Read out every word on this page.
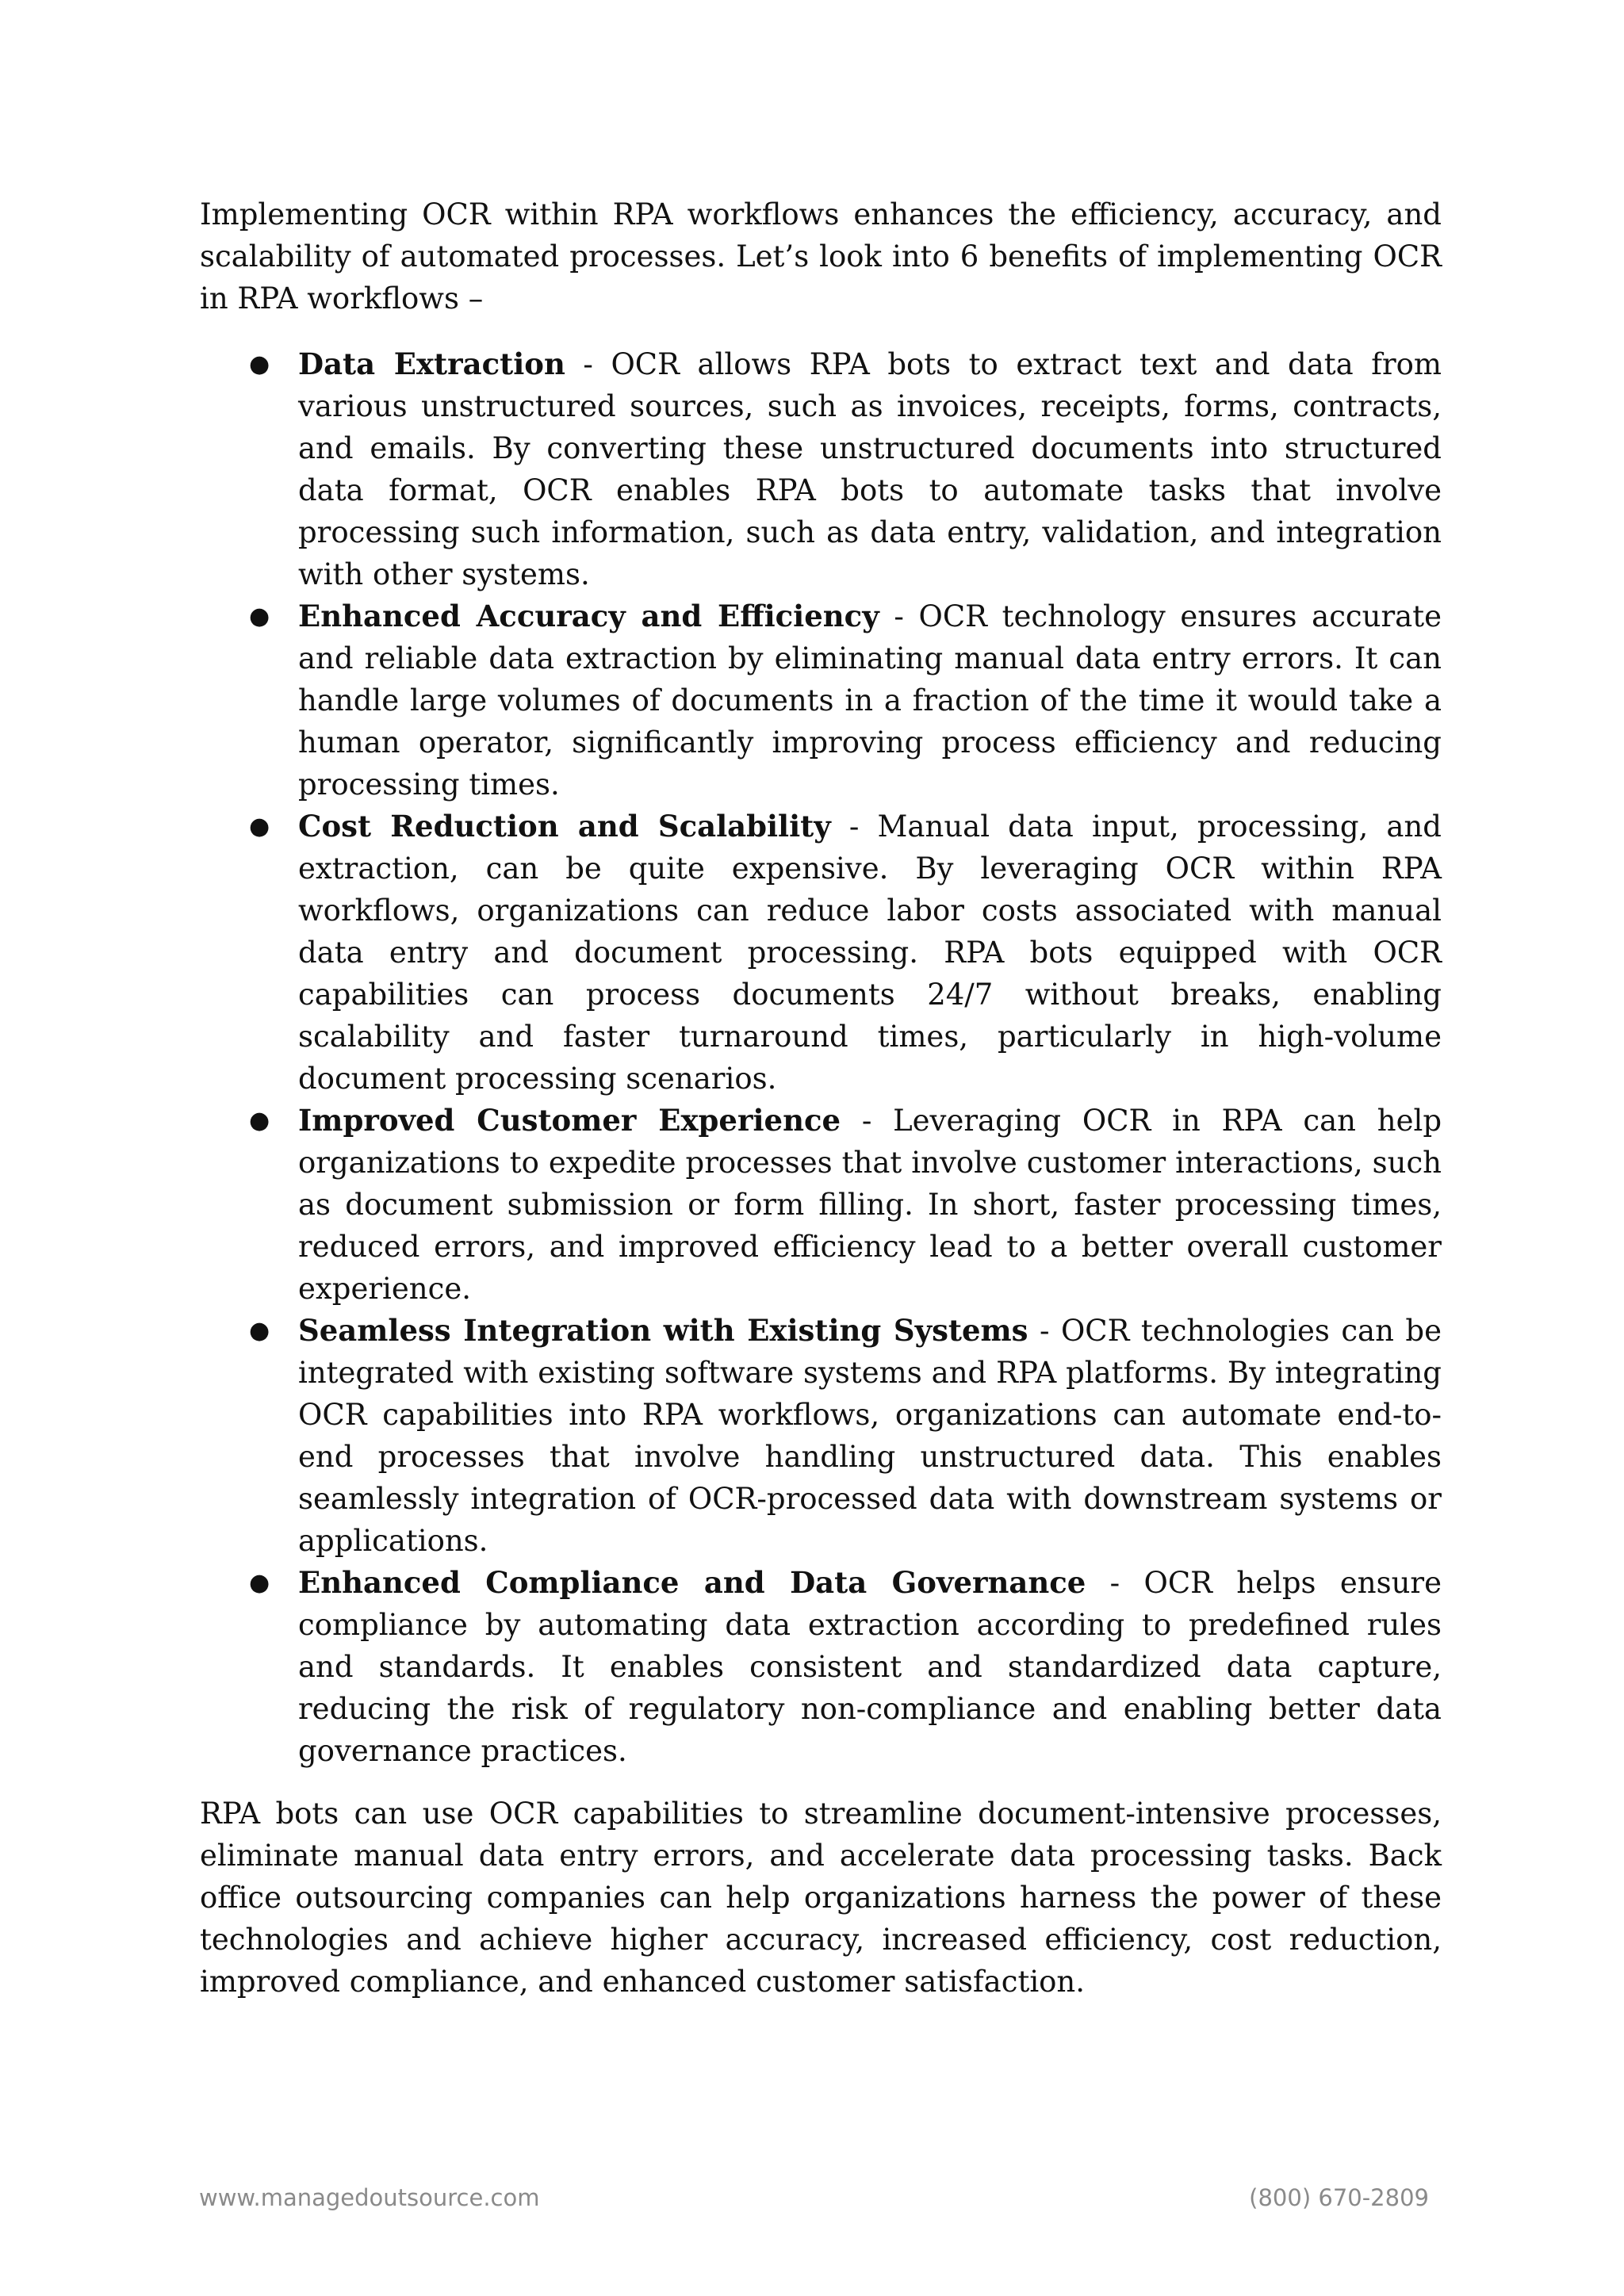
Implementing OCR within RPA workflows enhances the efficiency, accuracy, and scalability of automated processes. Let’s look into 6 benefits of implementing OCR in RPA workflows –

● Data Extraction - OCR allows RPA bots to extract text and data from various unstructured sources, such as invoices, receipts, forms, contracts, and emails. By converting these unstructured documents into structured data format, OCR enables RPA bots to automate tasks that involve processing such information, such as data entry, validation, and integration with other systems.
● Enhanced Accuracy and Efficiency - OCR technology ensures accurate and reliable data extraction by eliminating manual data entry errors. It can handle large volumes of documents in a fraction of the time it would take a human operator, significantly improving process efficiency and reducing processing times.
● Cost Reduction and Scalability - Manual data input, processing, and extraction, can be quite expensive. By leveraging OCR within RPA workflows, organizations can reduce labor costs associated with manual data entry and document processing. RPA bots equipped with OCR capabilities can process documents 24/7 without breaks, enabling scalability and faster turnaround times, particularly in high-volume document processing scenarios.
● Improved Customer Experience - Leveraging OCR in RPA can help organizations to expedite processes that involve customer interactions, such as document submission or form filling. In short, faster processing times, reduced errors, and improved efficiency lead to a better overall customer experience.
● Seamless Integration with Existing Systems - OCR technologies can be integrated with existing software systems and RPA platforms. By integrating OCR capabilities into RPA workflows, organizations can automate end-to-end processes that involve handling unstructured data. This enables seamlessly integration of OCR-processed data with downstream systems or applications.
● Enhanced Compliance and Data Governance - OCR helps ensure compliance by automating data extraction according to predefined rules and standards. It enables consistent and standardized data capture, reducing the risk of regulatory non-compliance and enabling better data governance practices.

RPA bots can use OCR capabilities to streamline document-intensive processes, eliminate manual data entry errors, and accelerate data processing tasks. Back office outsourcing companies can help organizations harness the power of these technologies and achieve higher accuracy, increased efficiency, cost reduction, improved compliance, and enhanced customer satisfaction.

www.managedoutsource.com	(800) 670-2809
